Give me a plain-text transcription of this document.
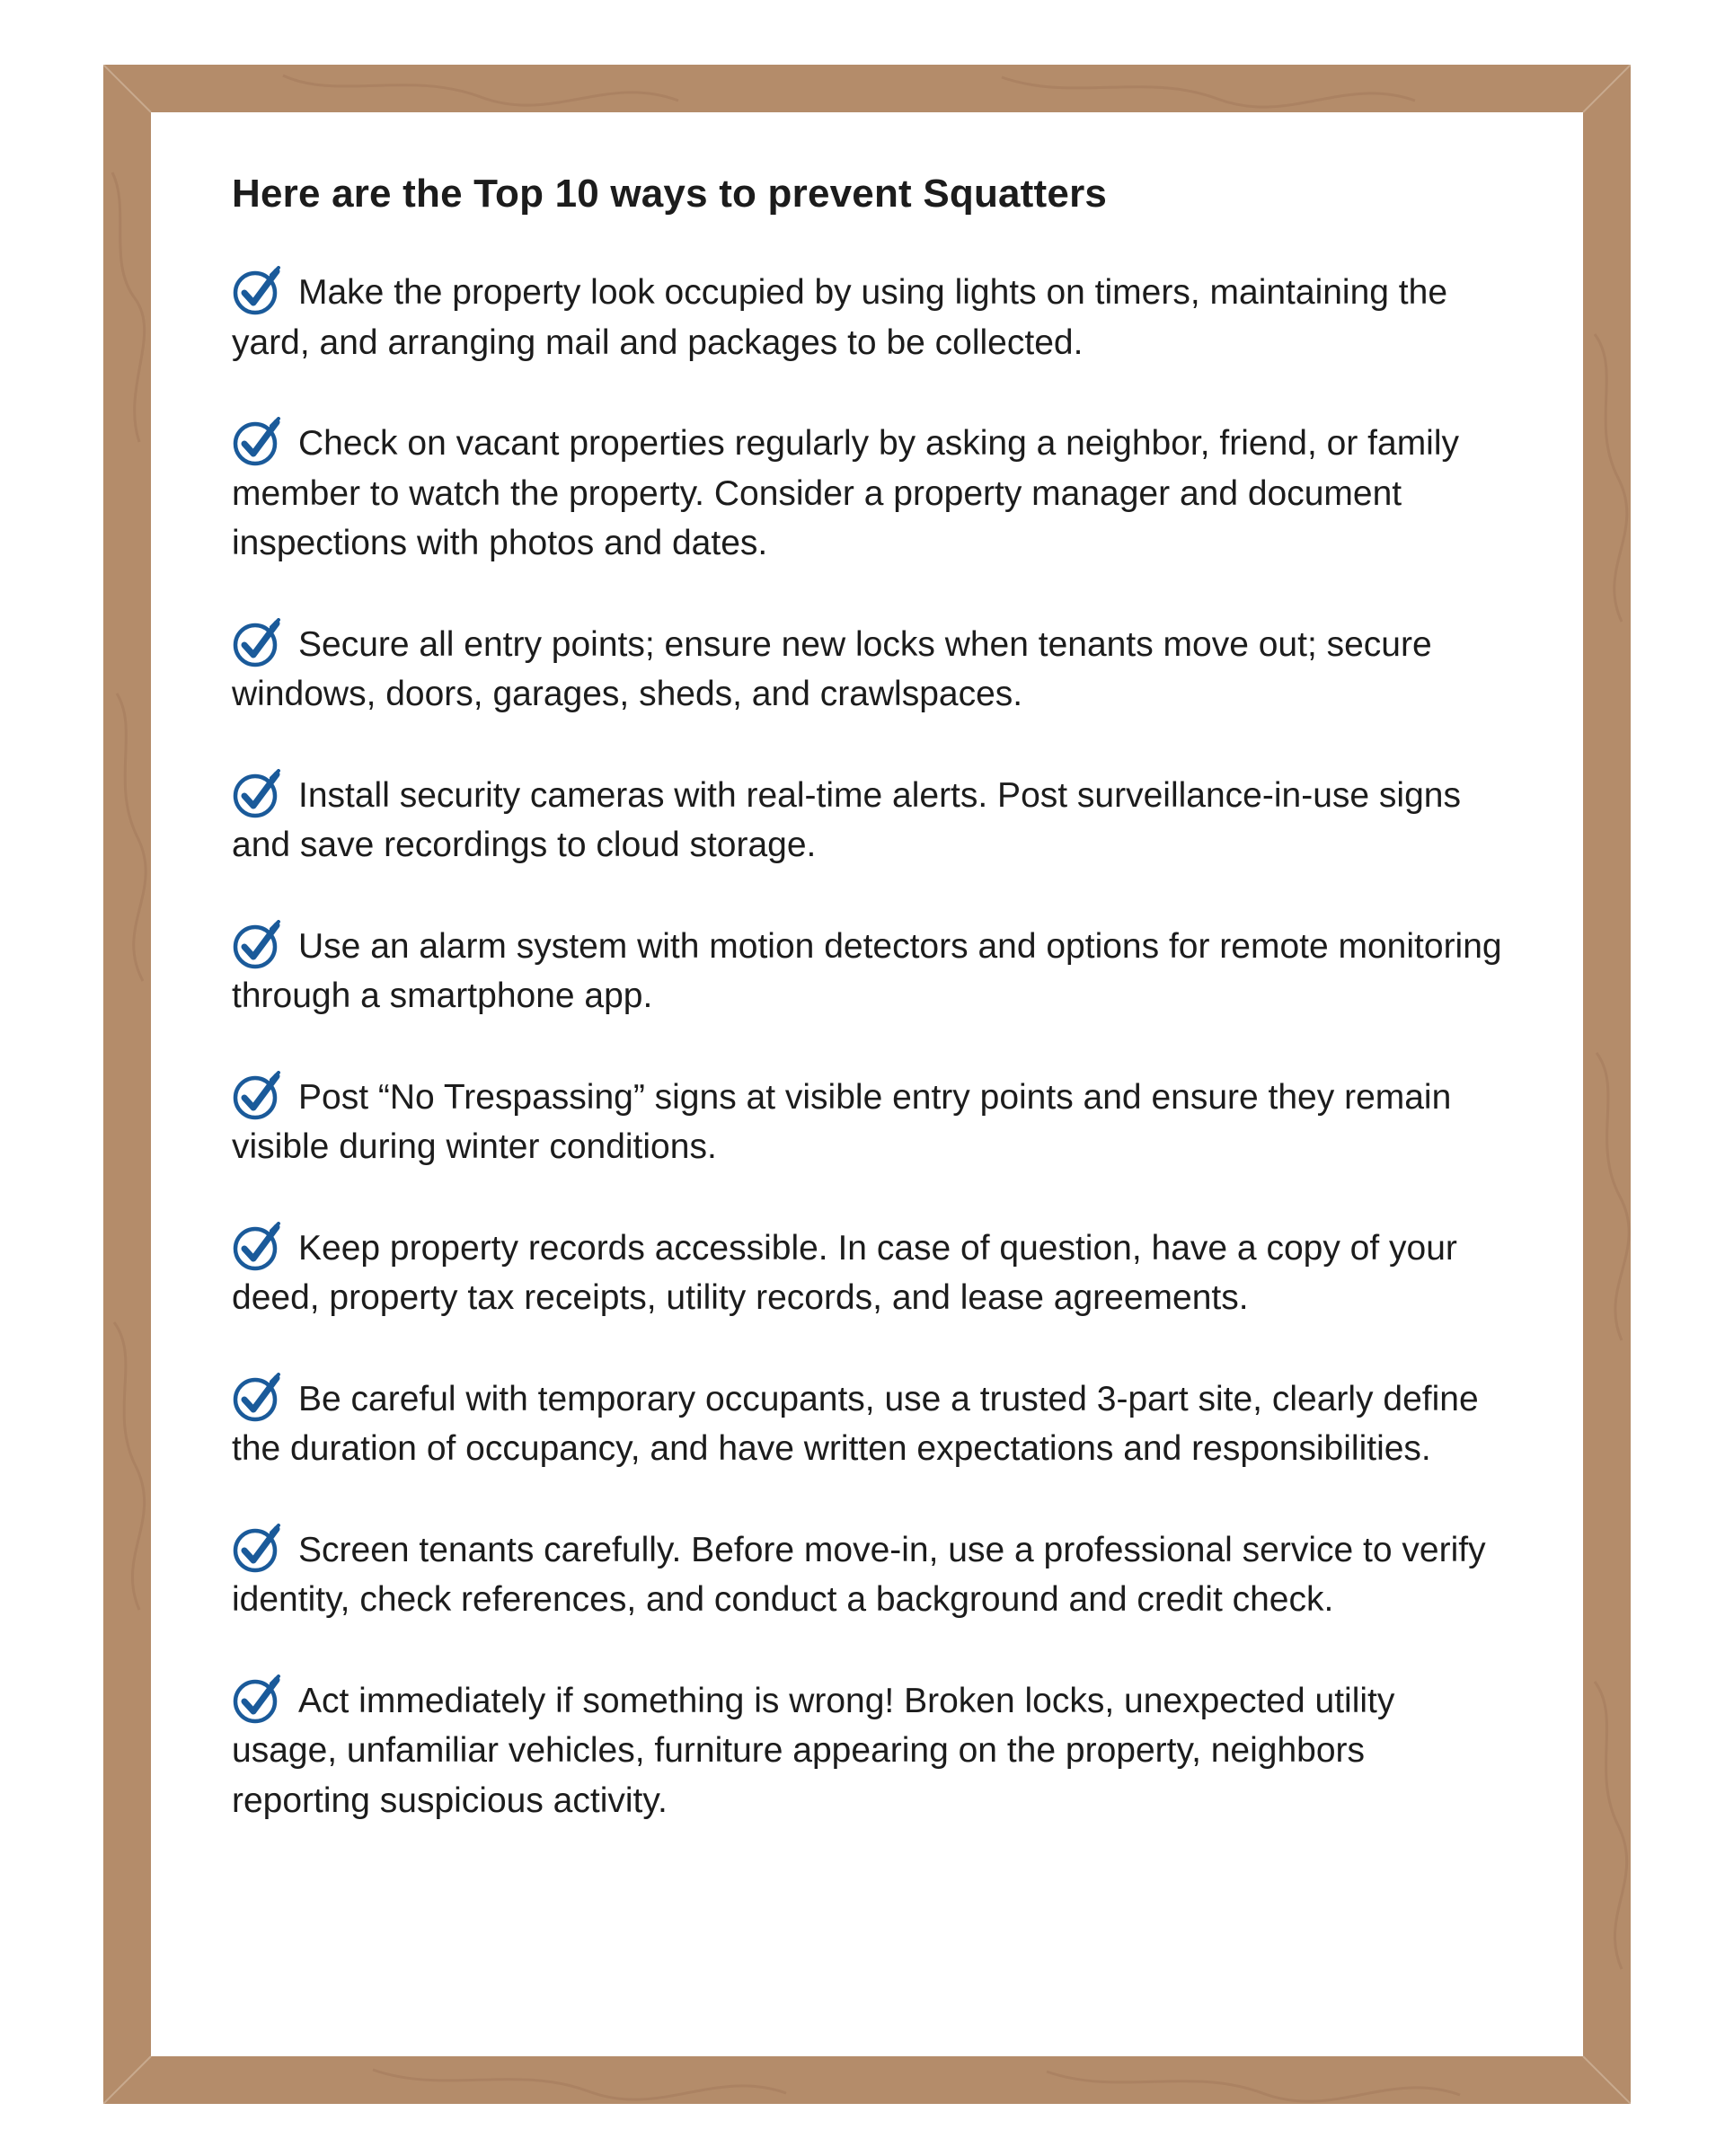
Here are the Top 10 ways to prevent Squatters

Make the property look occupied by using lights on timers, maintaining the yard, and arranging mail and packages to be collected.

Check on vacant properties regularly by asking a neighbor, friend, or family member to watch the property. Consider a property manager and document inspections with photos and dates.

Secure all entry points; ensure new locks when tenants move out; secure windows, doors, garages, sheds, and crawlspaces.

Install security cameras with real-time alerts. Post surveillance-in-use signs and save recordings to cloud storage.

Use an alarm system with motion detectors and options for remote monitoring through a smartphone app.

Post “No Trespassing” signs at visible entry points and ensure they remain visible during winter conditions.

Keep property records accessible. In case of question, have a copy of your deed, property tax receipts, utility records, and lease agreements.

Be careful with temporary occupants, use a trusted 3-part site, clearly define the duration of occupancy, and have written expectations and responsibilities.

Screen tenants carefully. Before move-in, use a professional service to verify identity, check references, and conduct a background and credit check.

Act immediately if something is wrong! Broken locks, unexpected utility usage, unfamiliar vehicles, furniture appearing on the property, neighbors reporting suspicious activity.
